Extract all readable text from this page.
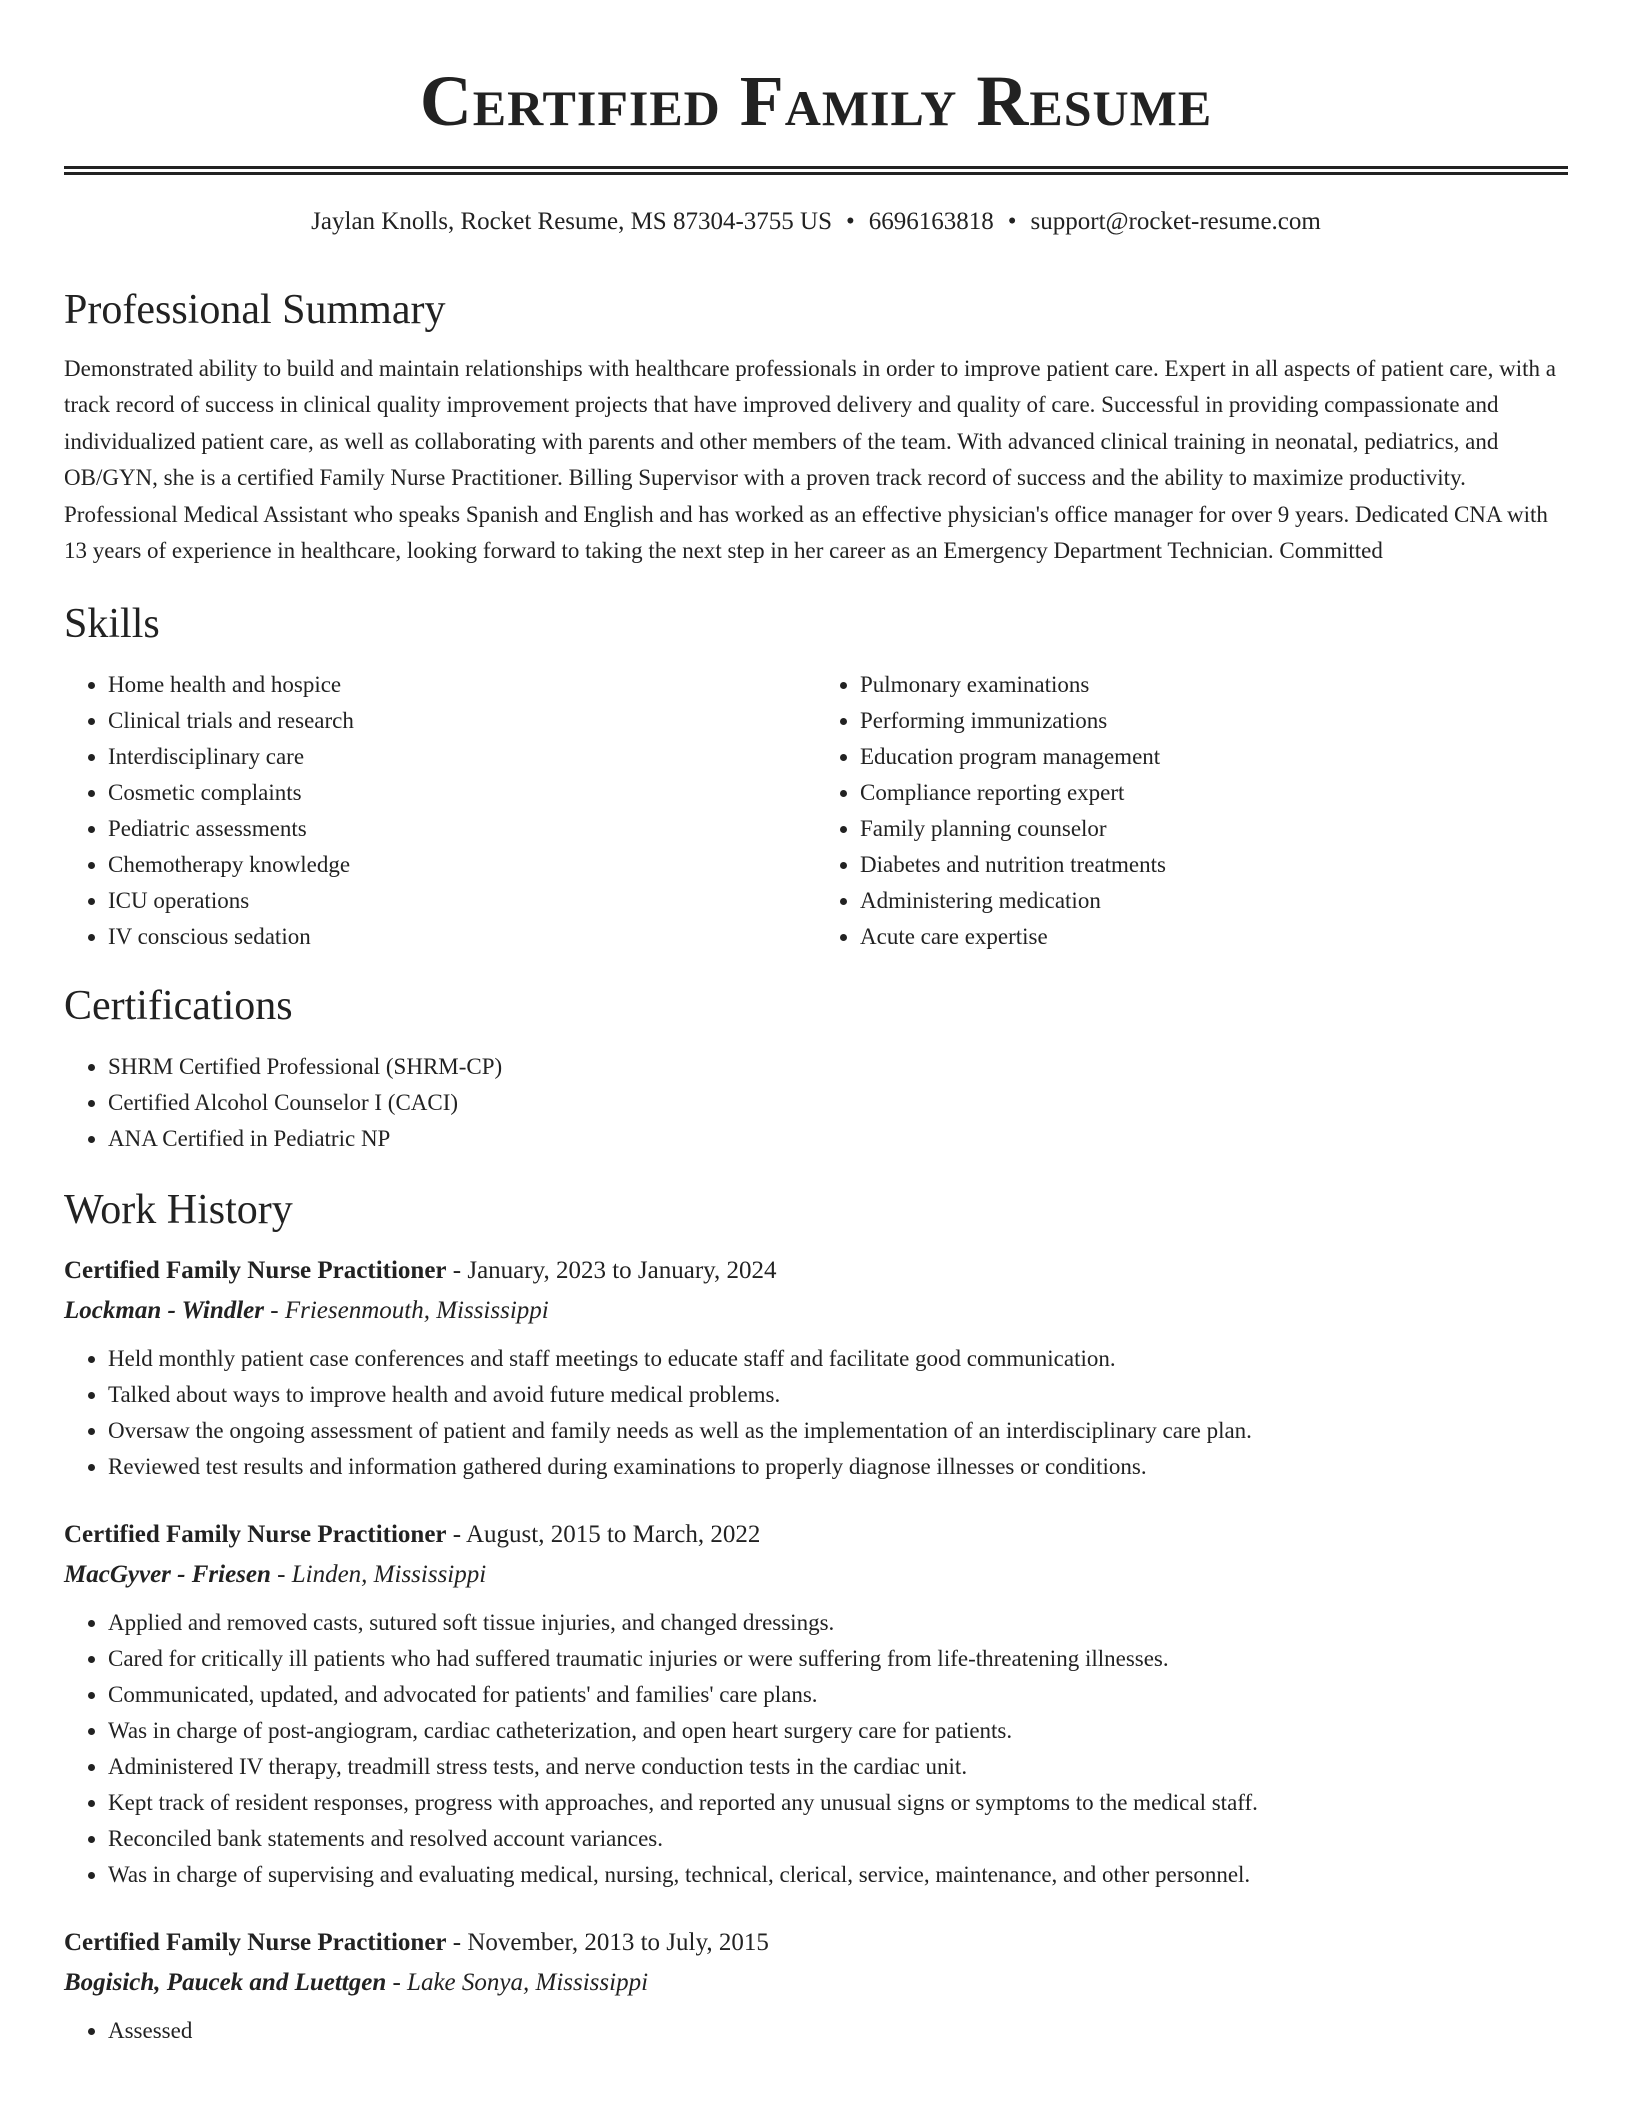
Certified Family Resume
Jaylan Knolls, Rocket Resume, MS 87304-3755 US • 6696163818 • support@rocket-resume.com
Professional Summary

Demonstrated ability to build and maintain relationships with healthcare professionals in order to improve patient care. Expert in all aspects of patient care, with a track record of success in clinical quality improvement projects that have improved delivery and quality of care. Successful in providing compassionate and individualized patient care, as well as collaborating with parents and other members of the team. With advanced clinical training in neonatal, pediatrics, and OB/GYN, she is a certified Family Nurse Practitioner. Billing Supervisor with a proven track record of success and the ability to maximize productivity. Professional Medical Assistant who speaks Spanish and English and has worked as an effective physician's office manager for over 9 years. Dedicated CNA with 13 years of experience in healthcare, looking forward to taking the next step in her career as an Emergency Department Technician. Committed

Skills
• Home health and hospice
• Clinical trials and research
• Interdisciplinary care
• Cosmetic complaints
• Pediatric assessments
• Chemotherapy knowledge
• ICU operations
• IV conscious sedation
• Pulmonary examinations
• Performing immunizations
• Education program management
• Compliance reporting expert
• Family planning counselor
• Diabetes and nutrition treatments
• Administering medication
• Acute care expertise
Certifications
• SHRM Certified Professional (SHRM-CP)
• Certified Alcohol Counselor I (CACI)
• ANA Certified in Pediatric NP
Work History
Certified Family Nurse Practitioner - January, 2023 to January, 2024
Lockman - Windler - Friesenmouth, Mississippi
• Held monthly patient case conferences and staff meetings to educate staff and facilitate good communication.
• Talked about ways to improve health and avoid future medical problems.
• Oversaw the ongoing assessment of patient and family needs as well as the implementation of an interdisciplinary care plan.
• Reviewed test results and information gathered during examinations to properly diagnose illnesses or conditions.
Certified Family Nurse Practitioner - August, 2015 to March, 2022
MacGyver - Friesen - Linden, Mississippi
• Applied and removed casts, sutured soft tissue injuries, and changed dressings.
• Cared for critically ill patients who had suffered traumatic injuries or were suffering from life-threatening illnesses.
• Communicated, updated, and advocated for patients' and families' care plans.
• Was in charge of post-angiogram, cardiac catheterization, and open heart surgery care for patients.
• Administered IV therapy, treadmill stress tests, and nerve conduction tests in the cardiac unit.
• Kept track of resident responses, progress with approaches, and reported any unusual signs or symptoms to the medical staff.
• Reconciled bank statements and resolved account variances.
• Was in charge of supervising and evaluating medical, nursing, technical, clerical, service, maintenance, and other personnel.
Certified Family Nurse Practitioner - November, 2013 to July, 2015
Bogisich, Paucek and Luettgen - Lake Sonya, Mississippi
• Assessed
